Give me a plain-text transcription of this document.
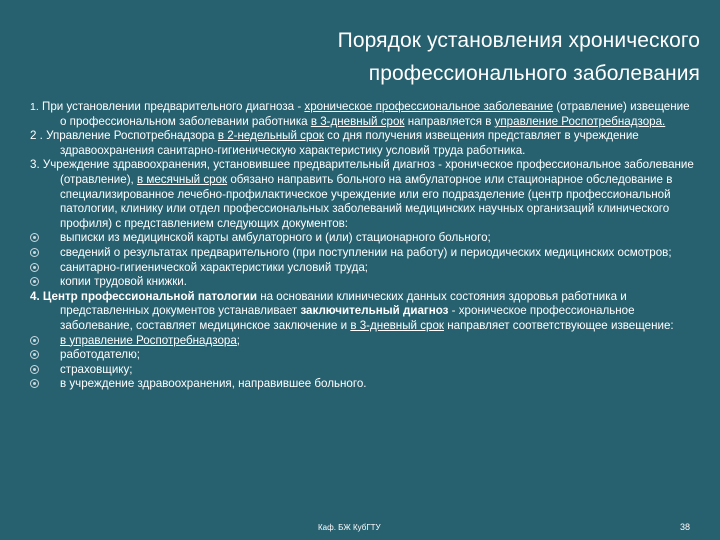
Порядок установления хронического
профессионального заболевания
1. При установлении предварительного диагноза - хроническое профессиональное заболевание (отравление) извещение о профессиональном заболевании работника в 3-дневный срок направляется в управление Роспотребнадзора.
2 . Управление Роспотребнадзора в 2-недельный срок со дня получения извещения представляет в учреждение здравоохранения санитарно-гигиеническую характеристику условий труда работника.
3. Учреждение здравоохранения, установившее предварительный диагноз - хроническое профессиональное заболевание (отравление), в месячный срок обязано направить больного на амбулаторное или стационарное обследование в специализированное лечебно-профилактическое учреждение или его подразделение (центр профессиональной патологии, клинику или отдел профессиональных заболеваний медицинских научных организаций клинического профиля) с представлением следующих документов:
выписки из медицинской карты амбулаторного и (или) стационарного больного;
сведений о результатах предварительного (при поступлении на работу) и периодических медицинских осмотров;
санитарно-гигиенической характеристики условий труда;
копии трудовой книжки.
4. Центр профессиональной патологии на основании клинических данных состояния здоровья работника и представленных документов устанавливает заключительный диагноз - хроническое профессиональное заболевание, составляет медицинское заключение и в 3-дневный срок направляет соответствующее извещение:
в управление Роспотребнадзора;
работодателю;
страховщику;
в учреждение здравоохранения, направившее больного.
Каф. БЖ КубГТУ	38
